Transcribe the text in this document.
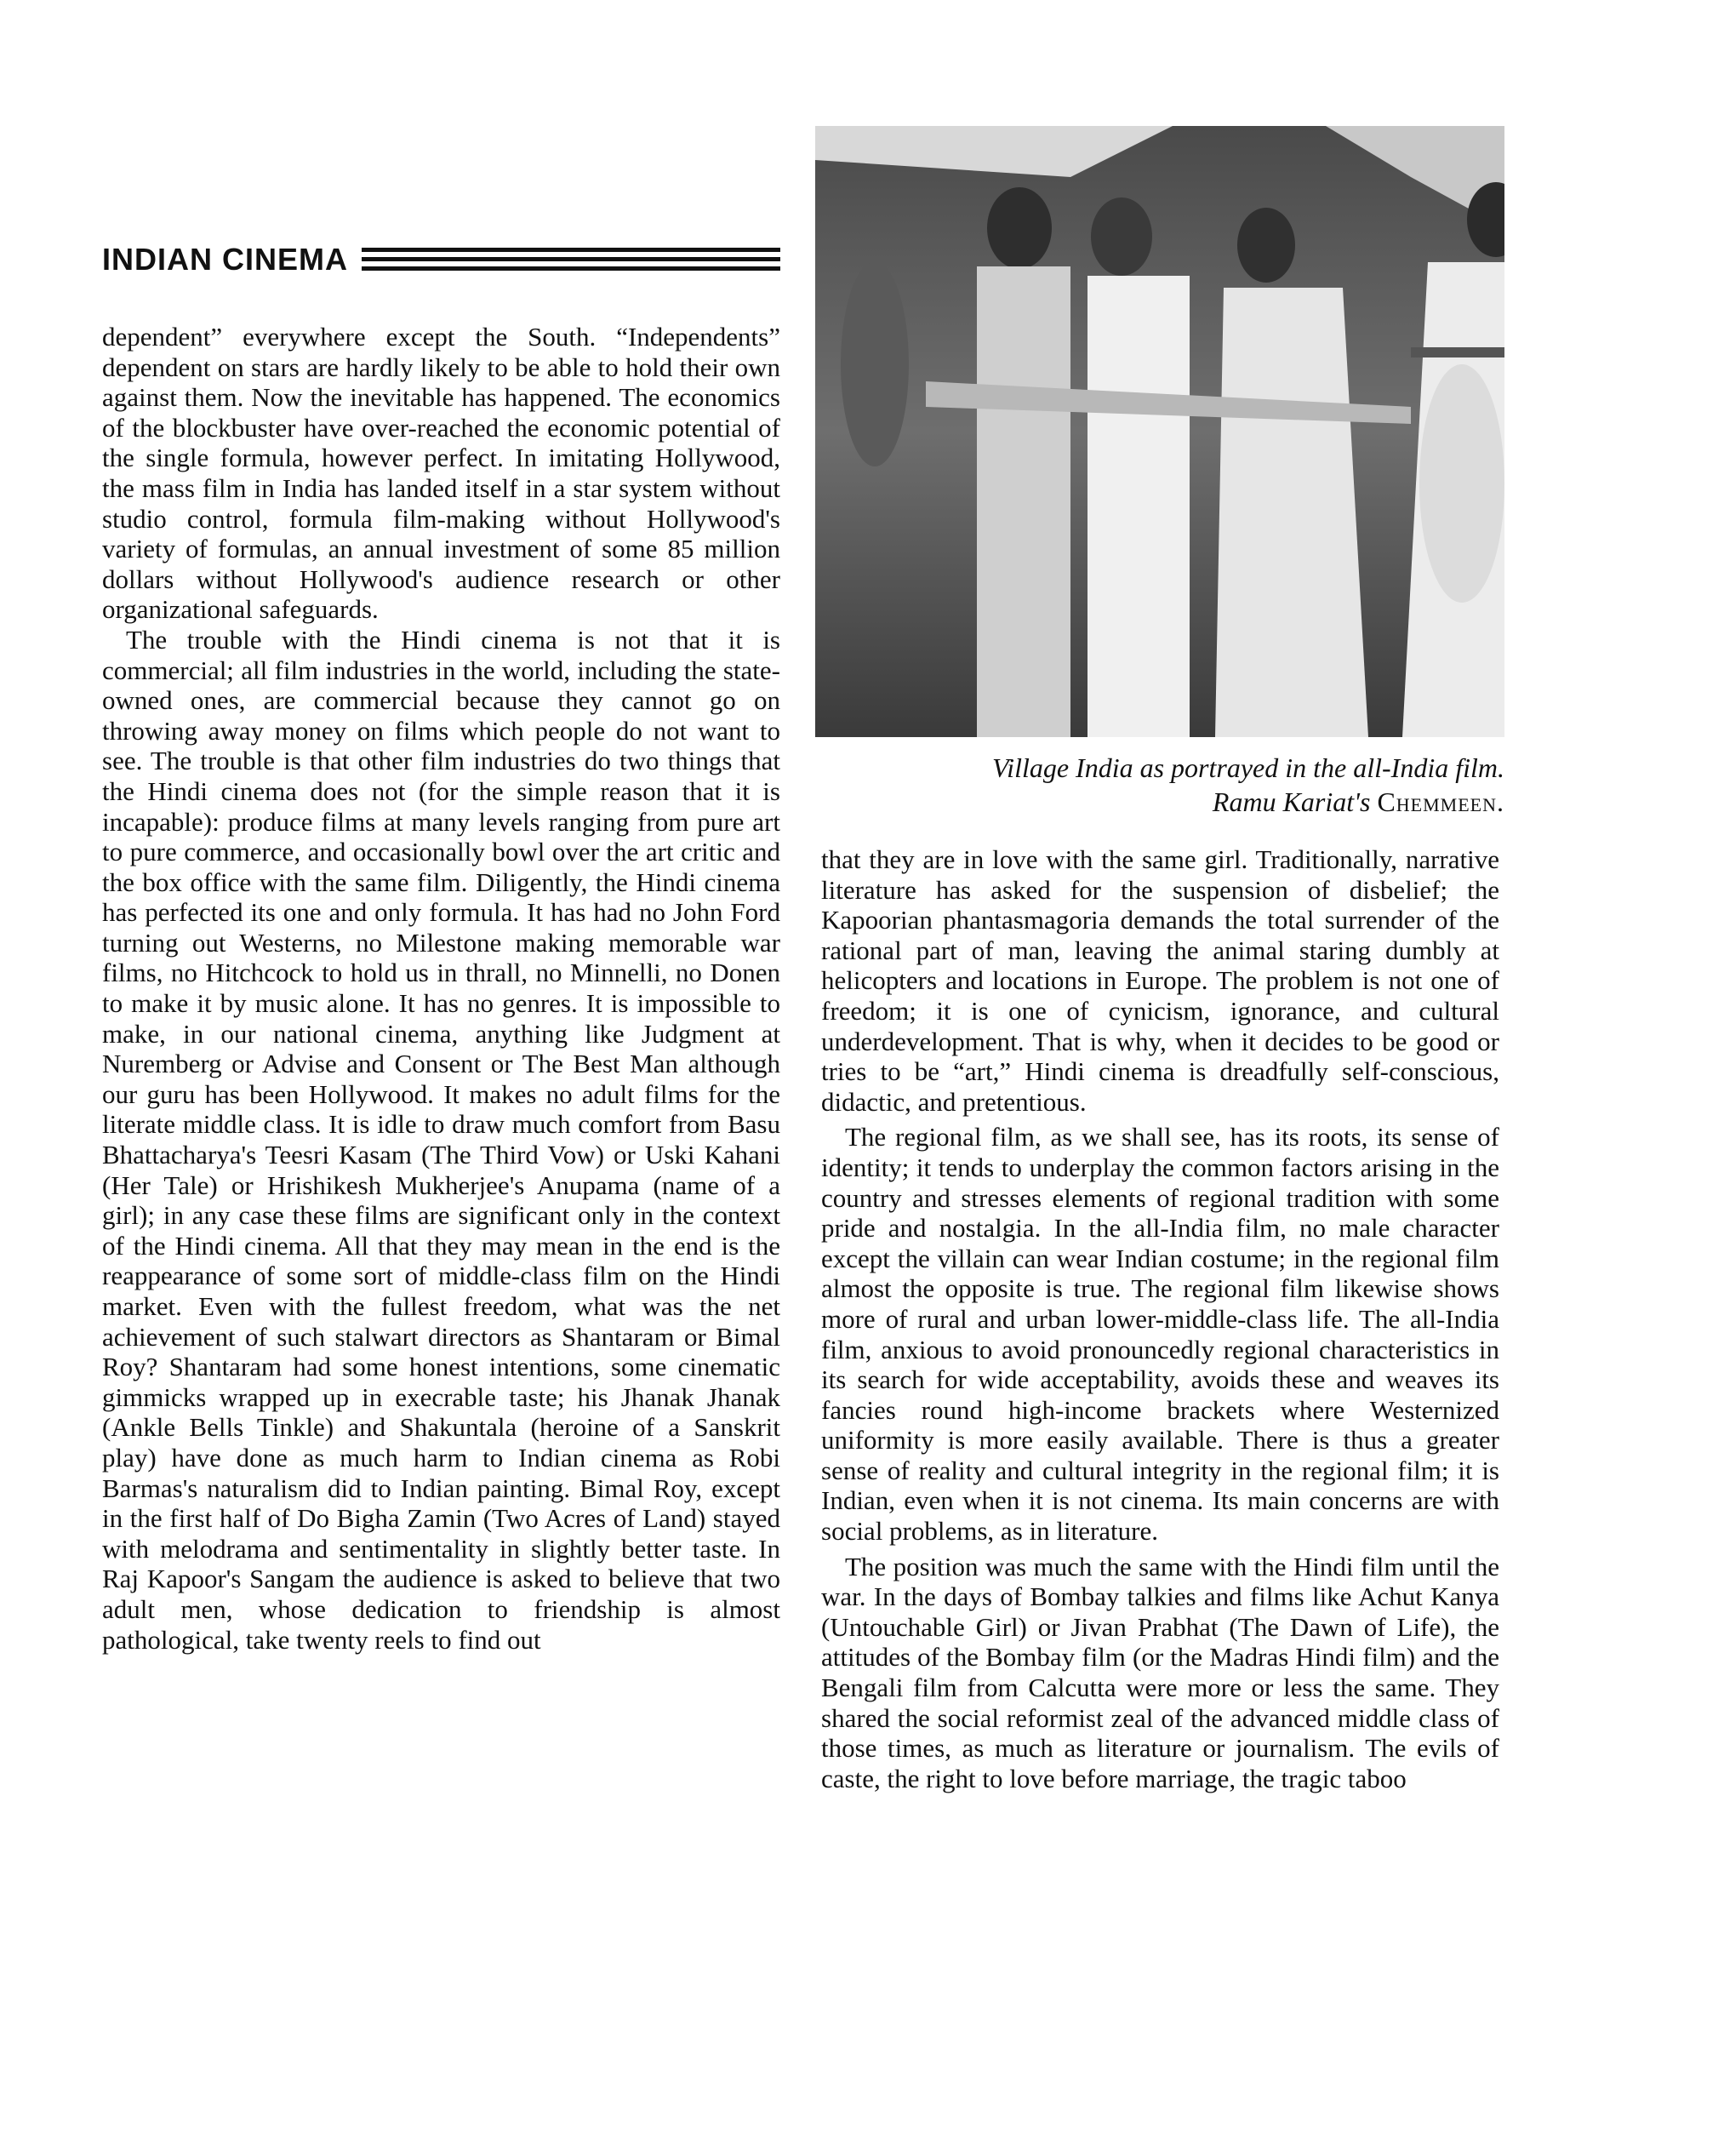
INDIAN CINEMA

dependent” everywhere except the South. “Independents” dependent on stars are hardly likely to be able to hold their own against them. Now the inevitable has happened. The economics of the blockbuster have over-reached the economic potential of the single formula, however perfect. In imitating Hollywood, the mass film in India has landed itself in a star system without studio control, formula film-making without Hollywood's variety of formulas, an annual investment of some 85 million dollars without Hollywood's audience research or other organizational safeguards.

The trouble with the Hindi cinema is not that it is commercial; all film industries in the world, including the state-owned ones, are commercial because they cannot go on throwing away money on films which people do not want to see. The trouble is that other film industries do two things that the Hindi cinema does not (for the simple reason that it is incapable): produce films at many levels ranging from pure art to pure commerce, and occasionally bowl over the art critic and the box office with the same film. Diligently, the Hindi cinema has perfected its one and only formula. It has had no John Ford turning out Westerns, no Milestone making memorable war films, no Hitchcock to hold us in thrall, no Minnelli, no Donen to make it by music alone. It has no genres. It is impossible to make, in our national cinema, anything like Judgment at Nuremberg or Advise and Consent or The Best Man although our guru has been Hollywood. It makes no adult films for the literate middle class. It is idle to draw much comfort from Basu Bhattacharya's Teesri Kasam (The Third Vow) or Uski Kahani (Her Tale) or Hrishikesh Mukherjee's Anupama (name of a girl); in any case these films are significant only in the context of the Hindi cinema. All that they may mean in the end is the reappearance of some sort of middle-class film on the Hindi market. Even with the fullest freedom, what was the net achievement of such stalwart directors as Shantaram or Bimal Roy? Shantaram had some honest intentions, some cinematic gimmicks wrapped up in execrable taste; his Jhanak Jhanak (Ankle Bells Tinkle) and Shakuntala (heroine of a Sanskrit play) have done as much harm to Indian cinema as Robi Barmas's naturalism did to Indian painting. Bimal Roy, except in the first half of Do Bigha Zamin (Two Acres of Land) stayed with melodrama and sentimentality in slightly better taste. In Raj Kapoor's Sangam the audience is asked to believe that two adult men, whose dedication to friendship is almost pathological, take twenty reels to find out

Village India as portrayed in the all-India film.
Ramu Kariat's Chemmeen.

that they are in love with the same girl. Traditionally, narrative literature has asked for the suspension of disbelief; the Kapoorian phantasmagoria demands the total surrender of the rational part of man, leaving the animal staring dumbly at helicopters and locations in Europe. The problem is not one of freedom; it is one of cynicism, ignorance, and cultural underdevelopment. That is why, when it decides to be good or tries to be “art,” Hindi cinema is dreadfully self-conscious, didactic, and pretentious.

The regional film, as we shall see, has its roots, its sense of identity; it tends to underplay the common factors arising in the country and stresses elements of regional tradition with some pride and nostalgia. In the all-India film, no male character except the villain can wear Indian costume; in the regional film almost the opposite is true. The regional film likewise shows more of rural and urban lower-middle-class life. The all-India film, anxious to avoid pronouncedly regional characteristics in its search for wide acceptability, avoids these and weaves its fancies round high-income brackets where Westernized uniformity is more easily available. There is thus a greater sense of reality and cultural integrity in the regional film; it is Indian, even when it is not cinema. Its main concerns are with social problems, as in literature.

The position was much the same with the Hindi film until the war. In the days of Bombay talkies and films like Achut Kanya (Untouchable Girl) or Jivan Prabhat (The Dawn of Life), the attitudes of the Bombay film (or the Madras Hindi film) and the Bengali film from Calcutta were more or less the same. They shared the social reformist zeal of the advanced middle class of those times, as much as literature or journalism. The evils of caste, the right to love before marriage, the tragic taboo
